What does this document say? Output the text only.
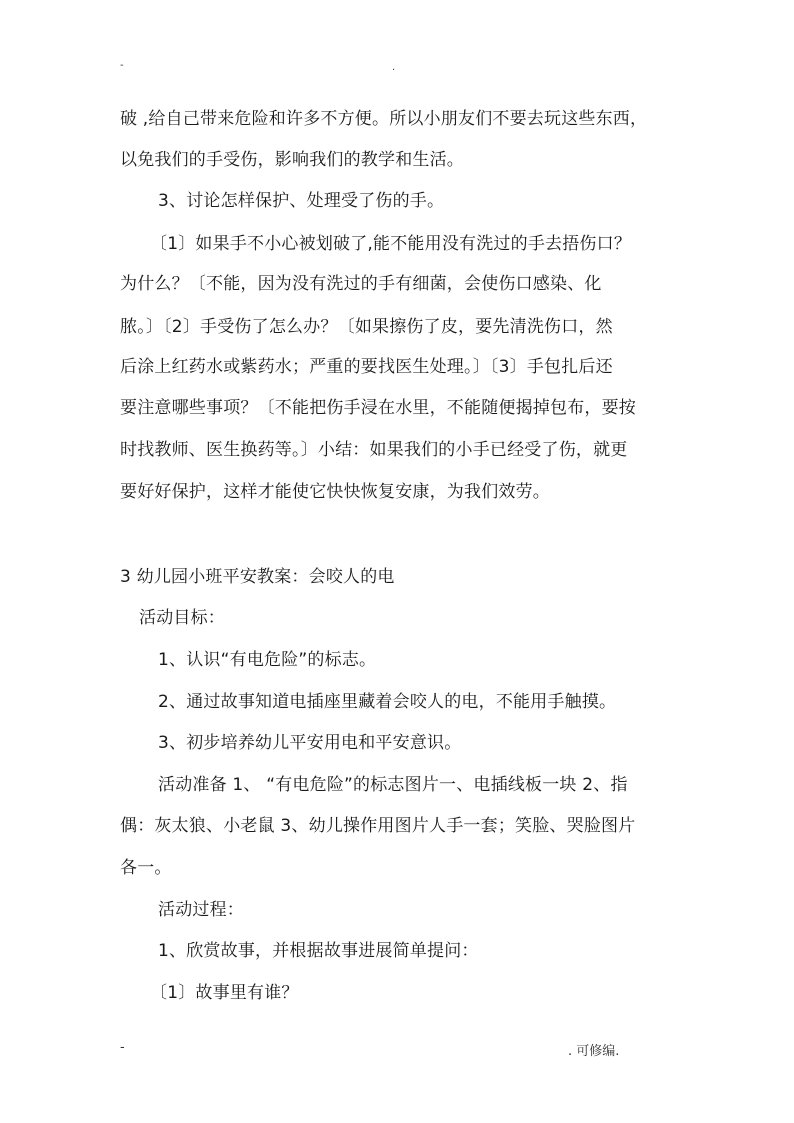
-	.
破 ,给自己带来危险和许多不方便。所以小朋友们不要去玩这些东西，
以免我们的手受伤，影响我们的教学和生活。
3、讨论怎样保护、处理受了伤的手。
〔1〕如果手不小心被划破了,能不能用没有洗过的手去捂伤口？
为什么？〔不能，因为没有洗过的手有细菌，会使伤口感染、化
脓。〕〔2〕手受伤了怎么办？〔如果擦伤了皮，要先清洗伤口，然
后涂上红药水或紫药水；严重的要找医生处理。〕〔3〕手包扎后还
要注意哪些事项？〔不能把伤手浸在水里，不能随便揭掉包布，要按
时找教师、医生换药等。〕小结：如果我们的小手已经受了伤，就更
要好好保护，这样才能使它快快恢复安康，为我们效劳。
3 幼儿园小班平安教案：会咬人的电
活动目标：
1、认识“有电危险”的标志。
2、通过故事知道电插座里藏着会咬人的电，不能用手触摸。
3、初步培养幼儿平安用电和平安意识。
活动准备 1、 “有电危险”的标志图片一、电插线板一块 2、指
偶：灰太狼、小老鼠 3、幼儿操作用图片人手一套；笑脸、哭脸图片
各一。
活动过程：
1、欣赏故事，并根据故事进展简单提问：
〔1〕故事里有谁？
-	. 可修编.
